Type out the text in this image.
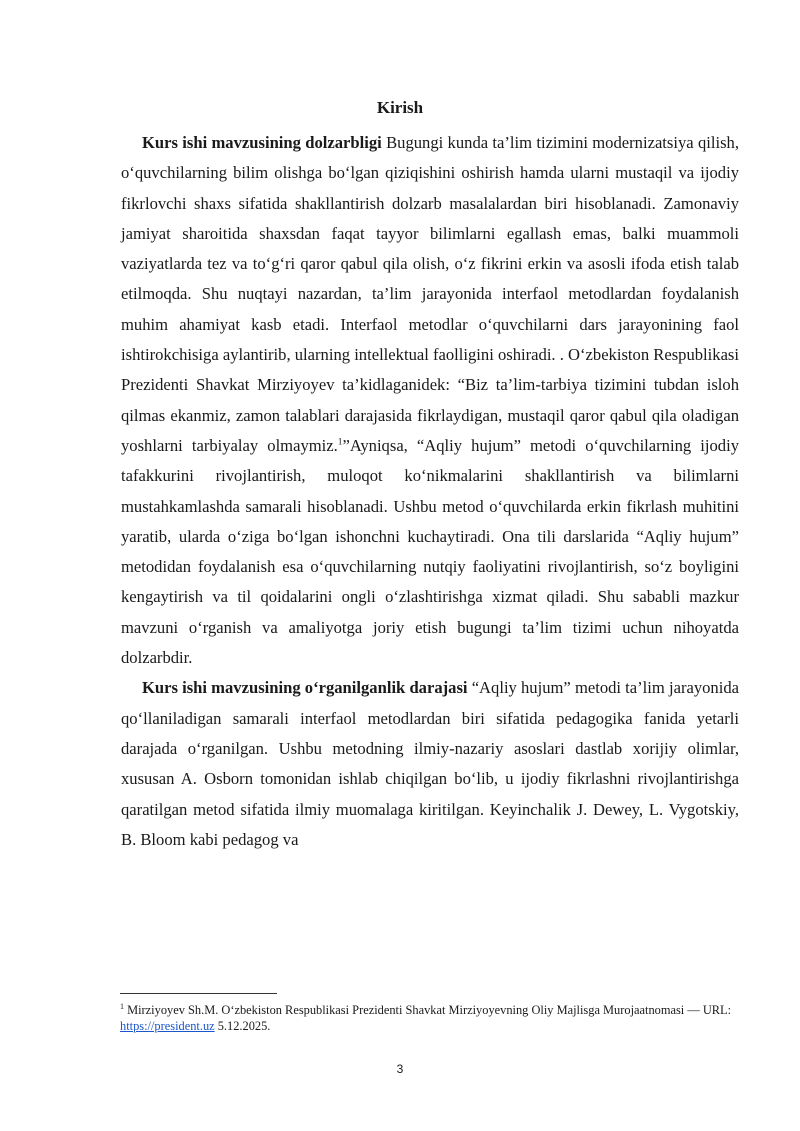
Kirish

Kurs ishi mavzusining dolzarbligi Bugungi kunda ta’lim tizimini modernizatsiya qilish, o‘quvchilarning bilim olishga bo‘lgan qiziqishini oshirish hamda ularni mustaqil va ijodiy fikrlovchi shaxs sifatida shakllantirish dolzarb masalalardan biri hisoblanadi. Zamonaviy jamiyat sharoitida shaxsdan faqat tayyor bilimlarni egallash emas, balki muammoli vaziyatlarda tez va to‘g‘ri qaror qabul qila olish, o‘z fikrini erkin va asosli ifoda etish talab etilmoqda. Shu nuqtayi nazardan, ta’lim jarayonida interfaol metodlardan foydalanish muhim ahamiyat kasb etadi. Interfaol metodlar o‘quvchilarni dars jarayonining faol ishtirokchisiga aylantirib, ularning intellektual faolligini oshiradi. . O‘zbekiston Respublikasi Prezidenti Shavkat Mirziyoyev ta’kidlaganidek: “Biz ta’lim-tarbiya tizimini tubdan isloh qilmas ekanmiz, zamon talablari darajasida fikrlaydigan, mustaqil qaror qabul qila oladigan yoshlarni tarbiyalay olmaymiz.$^1$”Ayniqsa, “Aqliy hujum” metodi o‘quvchilarning ijodiy tafakkurini rivojlantirish, muloqot ko‘nikmalarini shakllantirish va bilimlarni mustahkamlashda samarali hisoblanadi. Ushbu metod o‘quvchilarda erkin fikrlash muhitini yaratib, ularda o‘ziga bo‘lgan ishonchni kuchaytiradi. Ona tili darslarida “Aqliy hujum” metodidan foydalanish esa o‘quvchilarning nutqiy faoliyatini rivojlantirish, so‘z boyligini kengaytirish va til qoidalarini ongli o‘zlashtirishga xizmat qiladi. Shu sababli mazkur mavzuni o‘rganish va amaliyotga joriy etish bugungi ta’lim tizimi uchun nihoyatda dolzarbdir.

Kurs ishi mavzusining o‘rganilganlik darajasi “Aqliy hujum” metodi ta’lim jarayonida qo‘llaniladigan samarali interfaol metodlardan biri sifatida pedagogika fanida yetarli darajada o‘rganilgan. Ushbu metodning ilmiy-nazariy asoslari dastlab xorijiy olimlar, xususan A. Osborn tomonidan ishlab chiqilgan bo‘lib, u ijodiy fikrlashni rivojlantirishga qaratilgan metod sifatida ilmiy muomalaga kiritilgan. Keyinchalik J. Dewey, L. Vygotskiy, B. Bloom kabi pedagog va

$^1$ Mirziyoyev Sh.M. O‘zbekiston Respublikasi Prezidenti Shavkat Mirziyoyevning Oliy Majlisga Murojaatnomasi — URL: https://president.uz 5.12.2025.
3
